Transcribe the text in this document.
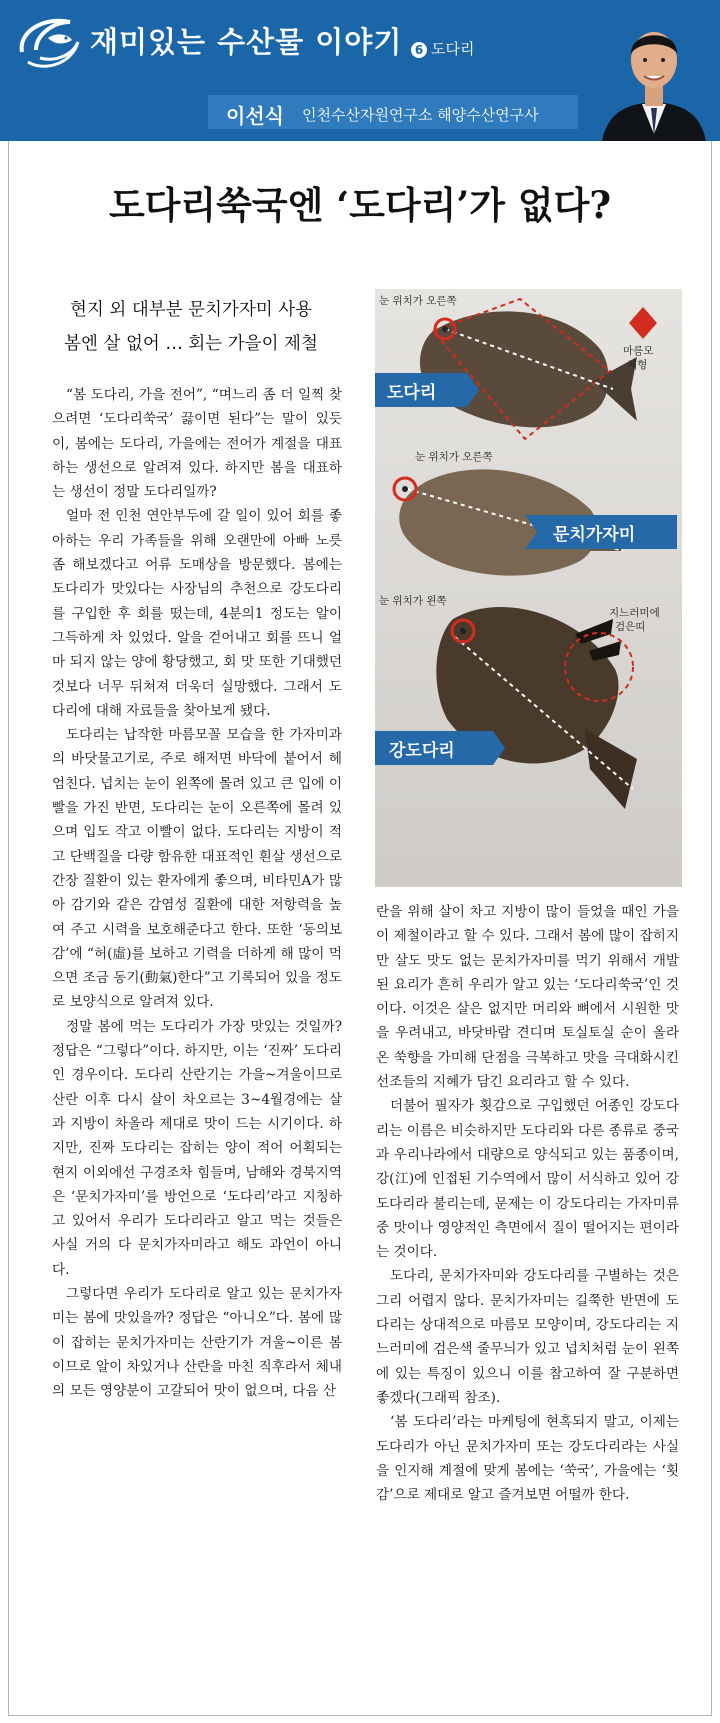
재미있는 수산물 이야기	6 도다리
이선식 인천수산자원연구소 해양수산연구사
도다리쑥국엔 ‘도다리’가 없다?
현지 외 대부분 문치가자미 사용
봄엔 살 없어 … 회는 가을이 제철

“봄 도다리, 가을 전어”, “며느리 좀 더 일찍 찾으려면 ‘도다리쑥국’ 끓이면 된다”는 말이 있듯이, 봄에는 도다리, 가을에는 전어가 계절을 대표하는 생선으로 알려져 있다. 하지만 봄을 대표하는 생선이 정말 도다리일까?

얼마 전 인천 연안부두에 갈 일이 있어 회를 좋아하는 우리 가족들을 위해 오랜만에 아빠 노릇 좀 해보겠다고 어류 도매상을 방문했다. 봄에는 도다리가 맛있다는 사장님의 추천으로 강도다리를 구입한 후 회를 떴는데, 4분의1 정도는 알이 그득하게 차 있었다. 알을 걷어내고 회를 뜨니 얼마 되지 않는 양에 황당했고, 회 맛 또한 기대했던 것보다 너무 뒤쳐져 더욱더 실망했다. 그래서 도다리에 대해 자료들을 찾아보게 됐다.

도다리는 납작한 마름모꼴 모습을 한 가자미과의 바닷물고기로, 주로 해저면 바닥에 붙어서 헤엄친다. 넙치는 눈이 왼쪽에 몰려 있고 큰 입에 이빨을 가진 반면, 도다리는 눈이 오른쪽에 몰려 있으며 입도 작고 이빨이 없다. 도다리는 지방이 적고 단백질을 다량 함유한 대표적인 흰살 생선으로 간장 질환이 있는 환자에게 좋으며, 비타민A가 많아 감기와 같은 감염성 질환에 대한 저항력을 높여 주고 시력을 보호해준다고 한다. 또한 ‘동의보감’에 “허(虛)를 보하고 기력을 더하게 해 많이 먹으면 조금 동기(動氣)한다”고 기록되어 있을 정도로 보양식으로 알려져 있다.

정말 봄에 먹는 도다리가 가장 맛있는 것일까? 정답은 “그렇다”이다. 하지만, 이는 ‘진짜’ 도다리인 경우이다. 도다리 산란기는 가을~겨울이므로 산란 이후 다시 살이 차오르는 3~4월경에는 살과 지방이 차올라 제대로 맛이 드는 시기이다. 하지만, 진짜 도다리는 잡히는 양이 적어 어획되는 현지 이외에선 구경조차 힘들며, 남해와 경북지역은 ‘문치가자미’를 방언으로 ‘도다리’라고 지칭하고 있어서 우리가 도다리라고 알고 먹는 것들은 사실 거의 다 문치가자미라고 해도 과언이 아니다.

그렇다면 우리가 도다리로 알고 있는 문치가자미는 봄에 맛있을까? 정답은 “아니오”다. 봄에 많이 잡히는 문치가자미는 산란기가 겨울~이른 봄이므로 알이 차있거나 산란을 마친 직후라서 체내의 모든 영양분이 고갈되어 맛이 없으며, 다음 산

도다리
문치가자미
강도다리
눈 위치가 오른쪽
마름모
체형
눈 위치가 오른쪽
눈 위치가 왼쪽
지느러미에
검은띠

란을 위해 살이 차고 지방이 많이 들었을 때인 가을이 제철이라고 할 수 있다. 그래서 봄에 많이 잡히지만 살도 맛도 없는 문치가자미를 먹기 위해서 개발된 요리가 흔히 우리가 알고 있는 ‘도다리쑥국’인 것이다. 이것은 살은 없지만 머리와 뼈에서 시원한 맛을 우려내고, 바닷바람 견디며 토실토실 순이 올라온 쑥향을 가미해 단점을 극복하고 맛을 극대화시킨 선조들의 지혜가 담긴 요리라고 할 수 있다.

더불어 필자가 횟감으로 구입했던 어종인 강도다리는 이름은 비슷하지만 도다리와 다른 종류로 중국과 우리나라에서 대량으로 양식되고 있는 품종이며, 강(江)에 인접된 기수역에서 많이 서식하고 있어 강도다리라 불리는데, 문제는 이 강도다리는 가자미류 중 맛이나 영양적인 측면에서 질이 떨어지는 편이라는 것이다.

도다리, 문치가자미와 강도다리를 구별하는 것은 그리 어렵지 않다. 문치가자미는 길쭉한 반면에 도다리는 상대적으로 마름모 모양이며, 강도다리는 지느러미에 검은색 줄무늬가 있고 넙치처럼 눈이 왼쪽에 있는 특징이 있으니 이를 참고하여 잘 구분하면 좋겠다(그래픽 참조).

‘봄 도다리’라는 마케팅에 현혹되지 말고, 이제는 도다리가 아닌 문치가자미 또는 강도다리라는 사실을 인지해 계절에 맞게 봄에는 ‘쑥국’, 가을에는 ‘횟감’으로 제대로 알고 즐겨보면 어떨까 한다.
